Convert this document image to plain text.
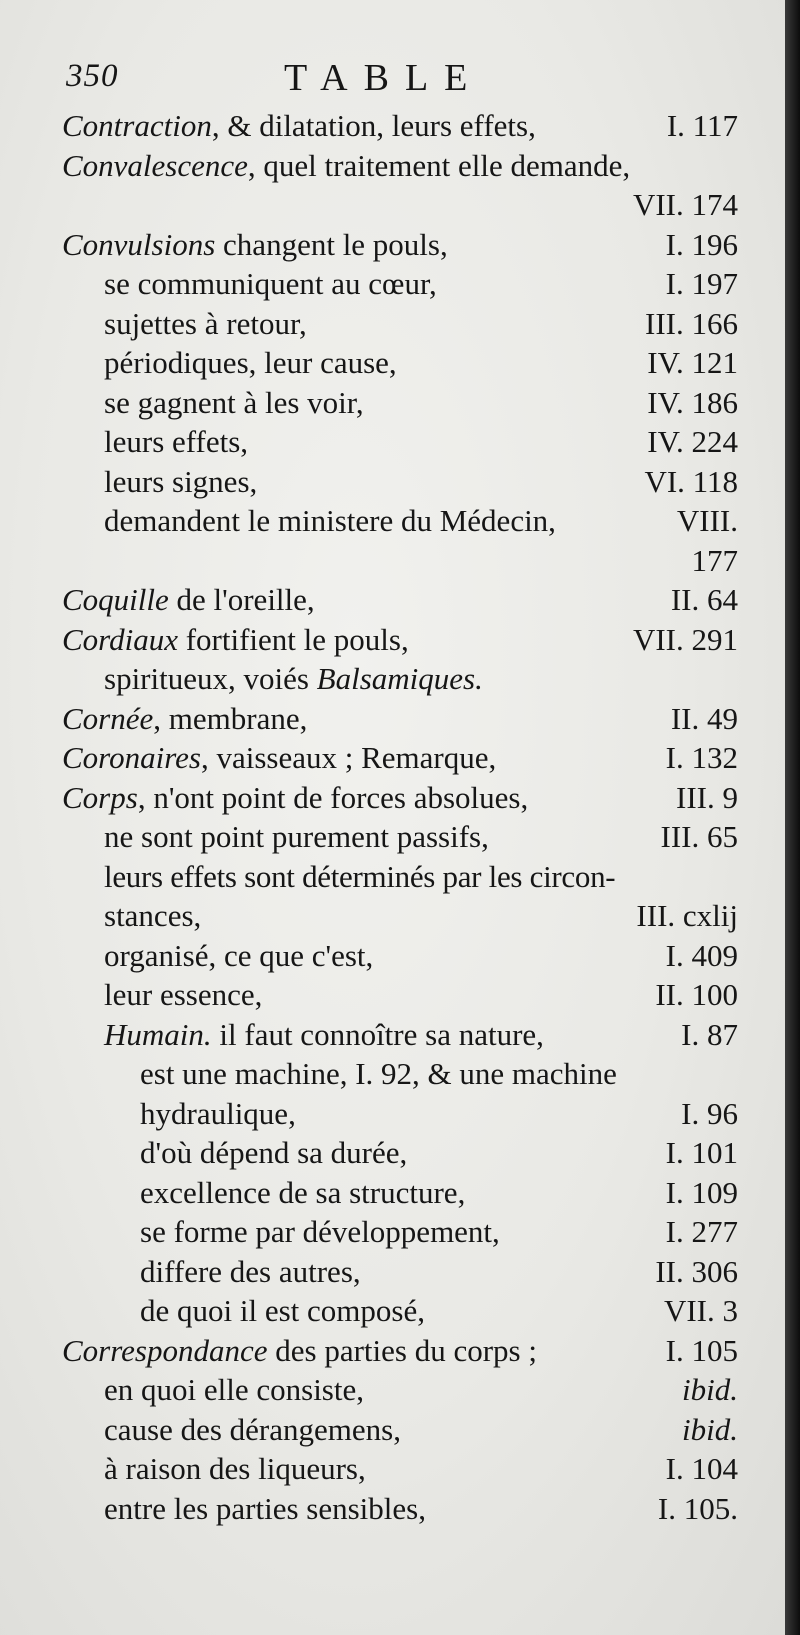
350	TABLE
Contraction, & dilatation, leurs effets,	I. 117
Convalescence, quel traitement elle demande,
VII. 174
Convulsions changent le pouls,	I. 196
se communiquent au cœur,	I. 197
sujettes à retour,	III. 166
périodiques, leur cause,	IV. 121
se gagnent à les voir,	IV. 186
leurs effets,	IV. 224
leurs signes,	VI. 118
demandent le ministere du Médecin,	VIII.
177
Coquille de l'oreille,	II. 64
Cordiaux fortifient le pouls,	VII. 291
spiritueux, voiés Balsamiques.
Cornée, membrane,	II. 49
Coronaires, vaisseaux ; Remarque,	I. 132
Corps, n'ont point de forces absolues,	III. 9
ne sont point purement passifs,	III. 65
leurs effets sont déterminés par les circon-
stances,	III. cxlij
organisé, ce que c'est,	I. 409
leur essence,	II. 100
Humain. il faut connoître sa nature,	I. 87
est une machine, I. 92, & une machine
hydraulique,	I. 96
d'où dépend sa durée,	I. 101
excellence de sa structure,	I. 109
se forme par développement,	I. 277
differe des autres,	II. 306
de quoi il est composé,	VII. 3
Correspondance des parties du corps ;	I. 105
en quoi elle consiste,	ibid.
cause des dérangemens,	ibid.
à raison des liqueurs,	I. 104
entre les parties sensibles,	I. 105.
